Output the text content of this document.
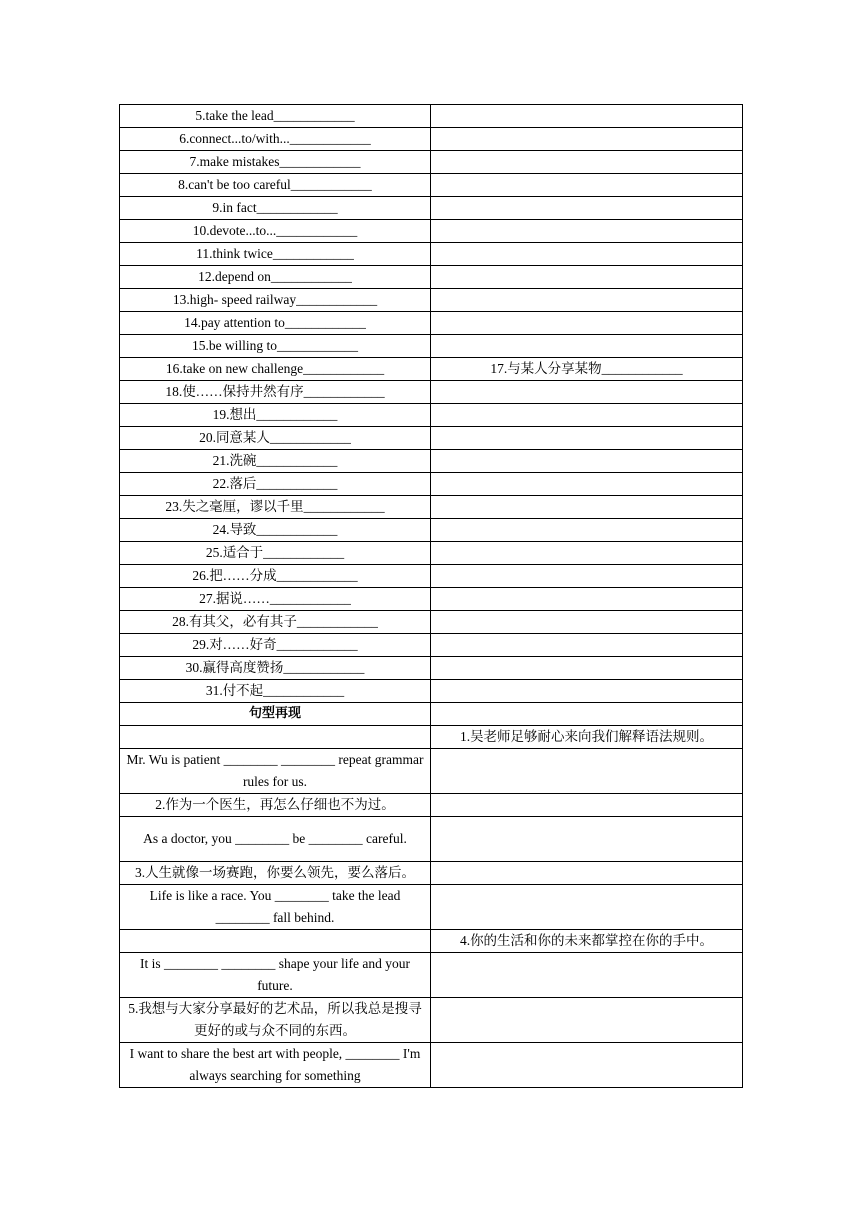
5.take the lead____________	
6.connect...to/with...____________	
7.make mistakes____________	
8.can't be too careful____________	
9.in fact____________	
10.devote...to...____________	
11.think twice____________	
12.depend on____________	
13.high- speed railway____________	
14.pay attention to____________	
15.be willing to____________	
16.take on new challenge____________	17.与某人分享某物____________
18.使……保持井然有序____________	
19.想出____________	
20.同意某人____________	
21.洗碗____________	
22.落后____________	
23.失之毫厘，谬以千里____________	
24.导致____________	
25.适合于____________	
26.把……分成____________	
27.据说……____________	
28.有其父，必有其子____________	
29.对……好奇____________	
30.赢得高度赞扬____________	
31.付不起____________	
句型再现	
	1.吴老师足够耐心来向我们解释语法规则。
Mr. Wu is patient ________ ________ repeat grammar rules for us.	
2.作为一个医生，再怎么仔细也不为过。	
As a doctor, you ________ be ________ careful.	
3.人生就像一场赛跑，你要么领先，要么落后。	
Life is like a race. You ________ take the lead ________ fall behind.	
	4.你的生活和你的未来都掌控在你的手中。
It is ________ ________ shape your life and your future.	
5.我想与大家分享最好的艺术品，所以我总是搜寻更好的或与众不同的东西。	
I want to share the best art with people, ________ I'm always searching for something	
